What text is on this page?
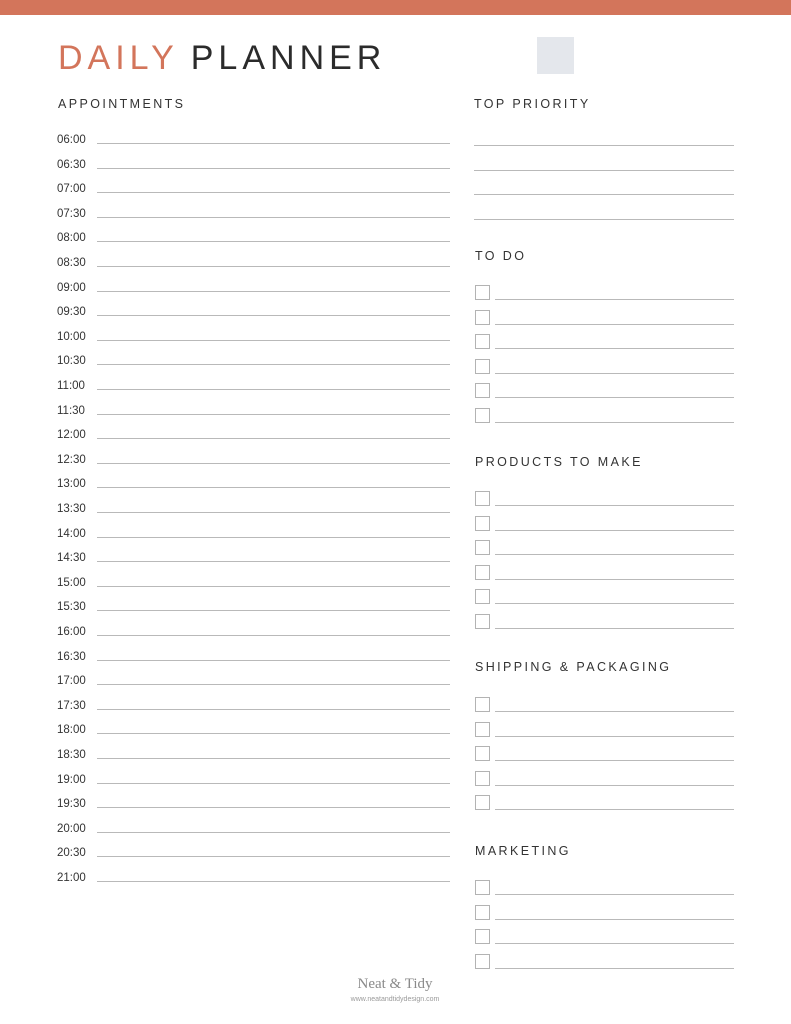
DAILY PLANNER
APPOINTMENTS
06:00
06:30
07:00
07:30
08:00
08:30
09:00
09:30
10:00
10:30
11:00
11:30
12:00
12:30
13:00
13:30
14:00
14:30
15:00
15:30
16:00
16:30
17:00
17:30
18:00
18:30
19:00
19:30
20:00
20:30
21:00
TOP PRIORITY
TO DO
PRODUCTS TO MAKE
SHIPPING & PACKAGING
MARKETING
Neat & Tidy
www.neatandtidydesign.com
